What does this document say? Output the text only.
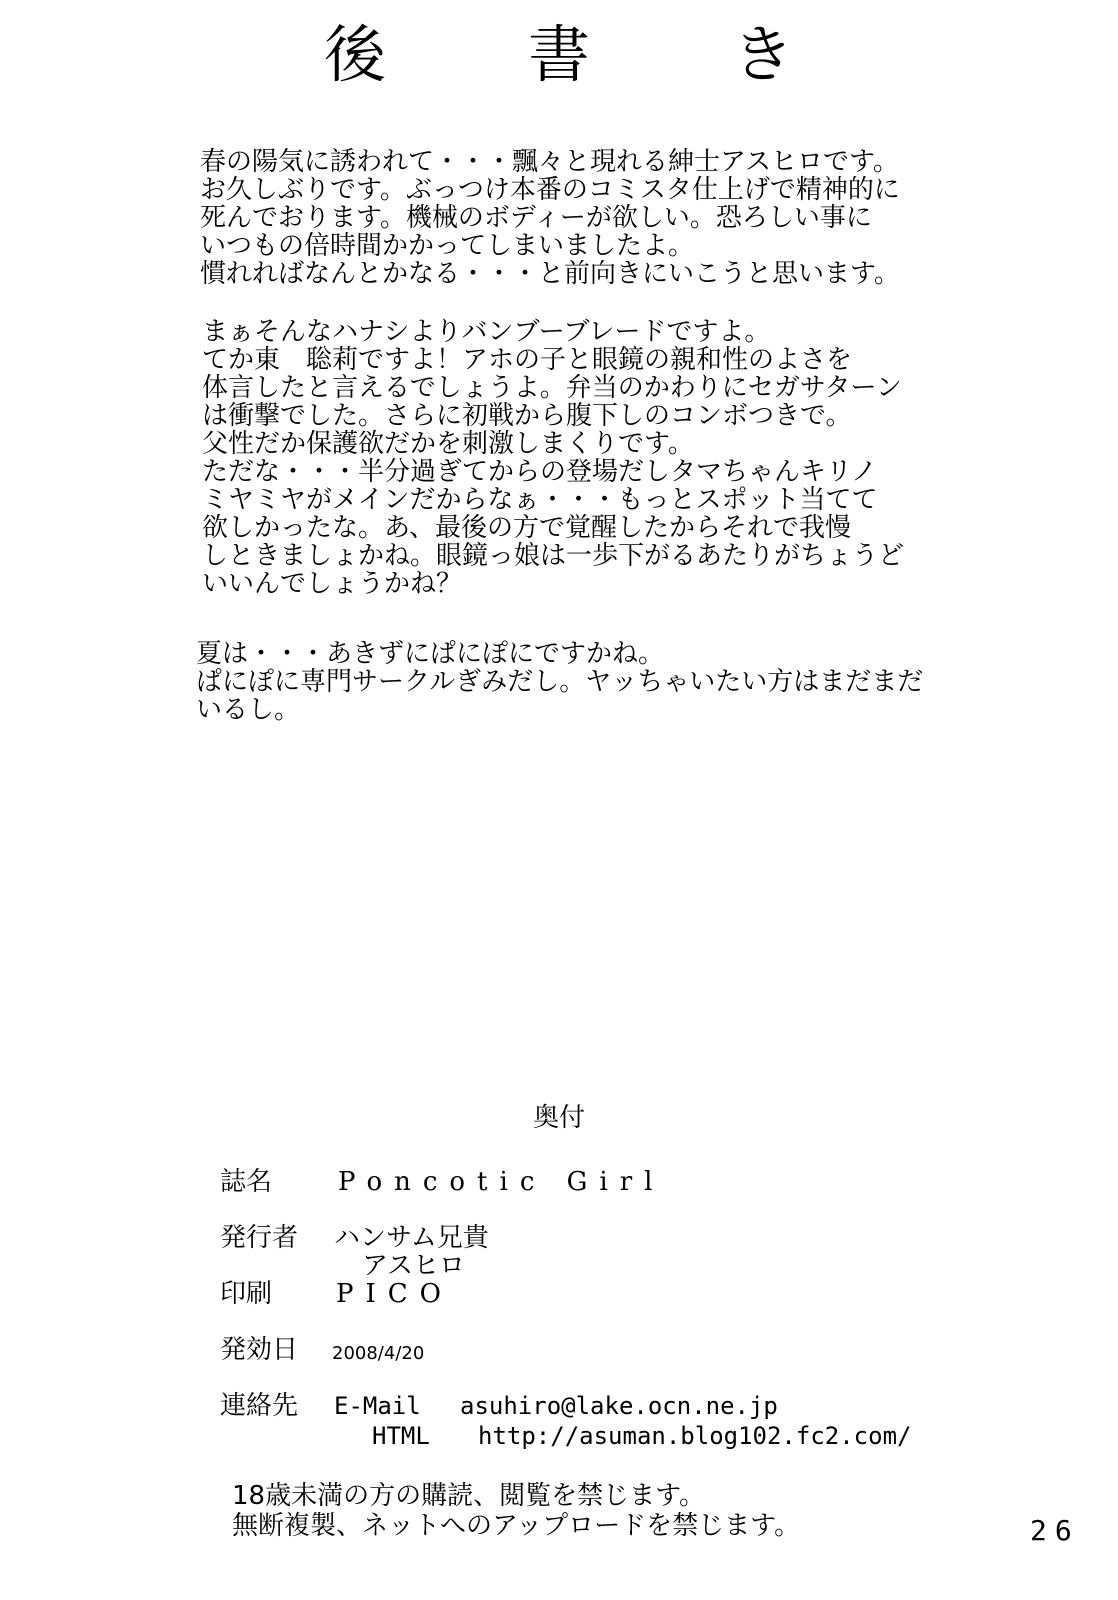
後　書　き
春の陽気に誘われて・・・飄々と現れる紳士アスヒロです。
お久しぶりです。ぶっつけ本番のコミスタ仕上げで精神的に
死んでおります。機械のボディーが欲しい。恐ろしい事に
いつもの倍時間かかってしまいましたよ。
慣れればなんとかなる・・・と前向きにいこうと思います。
まぁそんなハナシよりバンブーブレードですよ。
てか東　聡莉ですよ！アホの子と眼鏡の親和性のよさを
体言したと言えるでしょうよ。弁当のかわりにセガサターン
は衝撃でした。さらに初戦から腹下しのコンボつきで。
父性だか保護欲だかを刺激しまくりです。
ただな・・・半分過ぎてからの登場だしタマちゃんキリノ
ミヤミヤがメインだからなぁ・・・もっとスポット当てて
欲しかったな。あ、最後の方で覚醒したからそれで我慢
しときましょかね。眼鏡っ娘は一歩下がるあたりがちょうど
いいんでしょうかね？
夏は・・・あきずにぱにぽにですかね。
ぱにぽに専門サークルぎみだし。ヤッちゃいたい方はまだまだ
いるし。
奥付
誌名	Poncotic Girl
発行者 ハンサム兄貴
アスヒロ
印刷 PICO
発効日 2008/4/20
連絡先 E-Mail asuhiro@lake.ocn.ne.jp
HTML http://asuman.blog102.fc2.com/
18歳未満の方の購読、閲覧を禁じます。
無断複製、ネットへのアップロードを禁じます。	26
